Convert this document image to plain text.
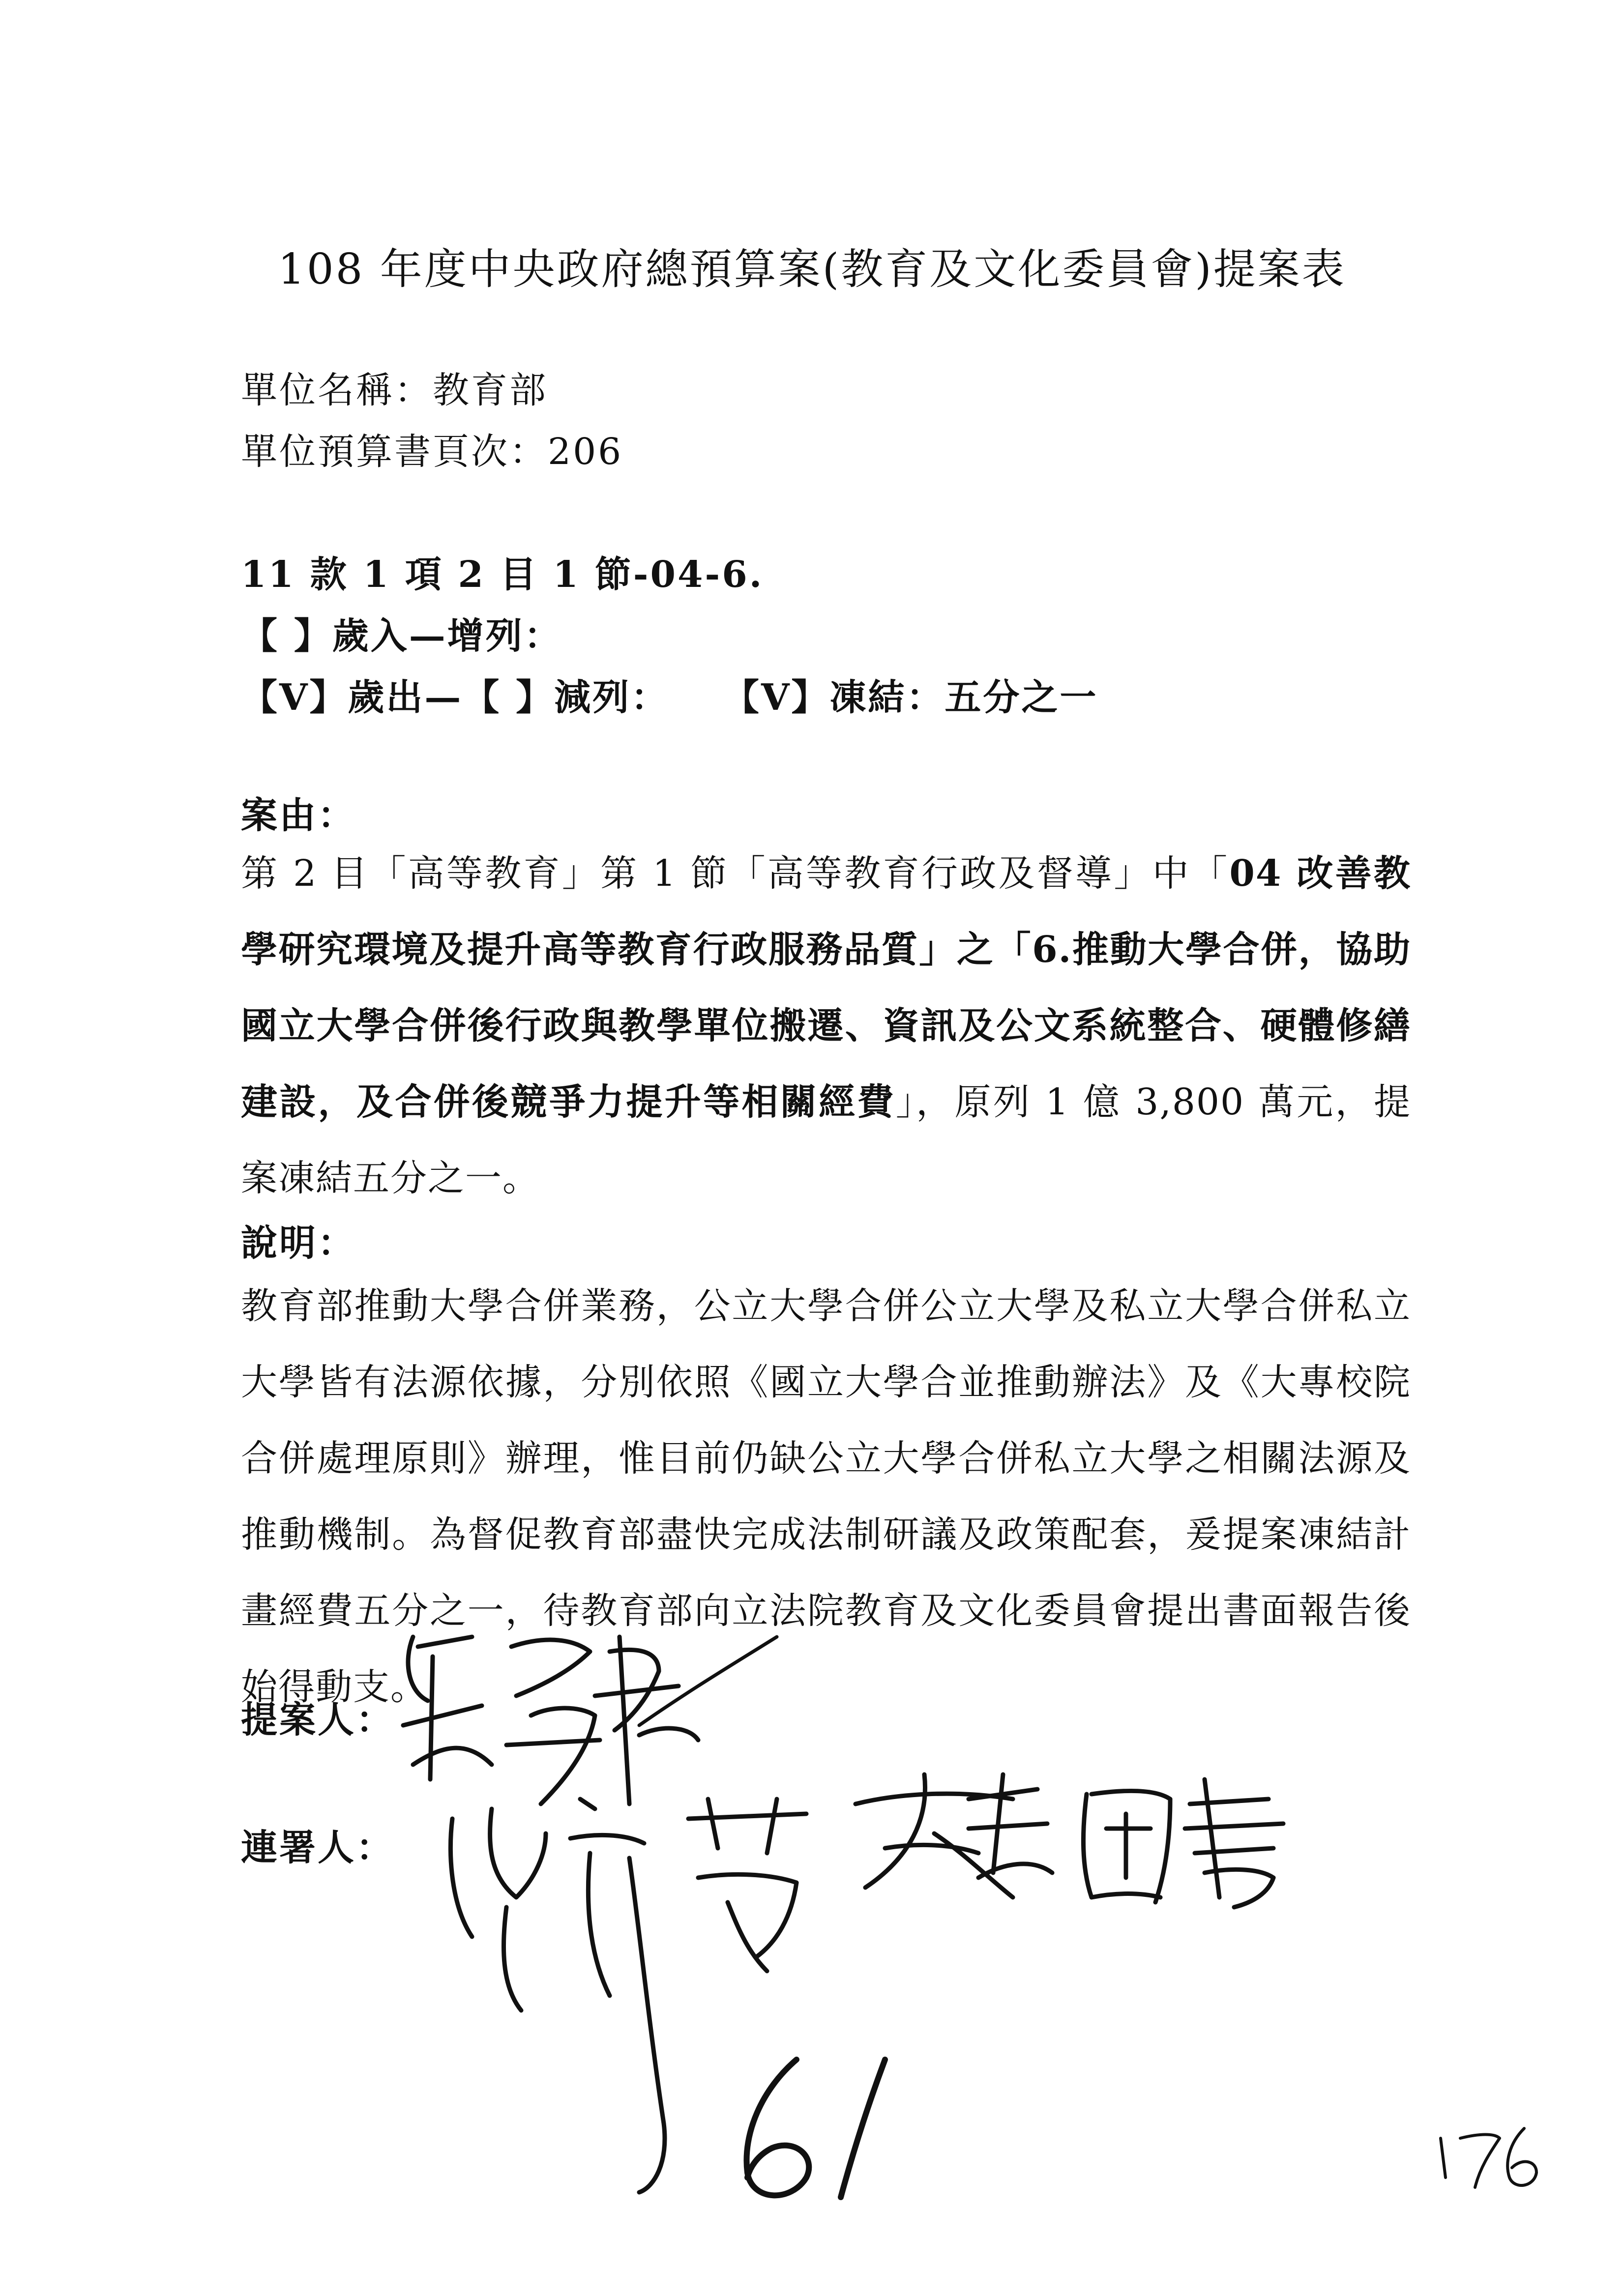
108 年度中央政府總預算案(教育及文化委員會)提案表
單位名稱：教育部
單位預算書頁次：206
11 款 1 項 2 目 1 節-04-6.
【 】歲入—增列：
【V】歲出—【 】減列： 【V】凍結：五分之一
案由：
第 2 目「高等教育」第 1 節「高等教育行政及督導」中「04 改善教學研究環境及提升高等教育行政服務品質」之「6.推動大學合併，協助國立大學合併後行政與教學單位搬遷、資訊及公文系統整合、硬體修繕建設，及合併後競爭力提升等相關經費」，原列 1 億 3,800 萬元，提案凍結五分之一。
說明：
教育部推動大學合併業務，公立大學合併公立大學及私立大學合併私立大學皆有法源依據，分別依照《國立大學合並推動辦法》及《大專校院合併處理原則》辦理，惟目前仍缺公立大學合併私立大學之相關法源及推動機制。為督促教育部盡快完成法制研議及政策配套，爰提案凍結計畫經費五分之一，待教育部向立法院教育及文化委員會提出書面報告後始得動支。
提案人：
連署人：
